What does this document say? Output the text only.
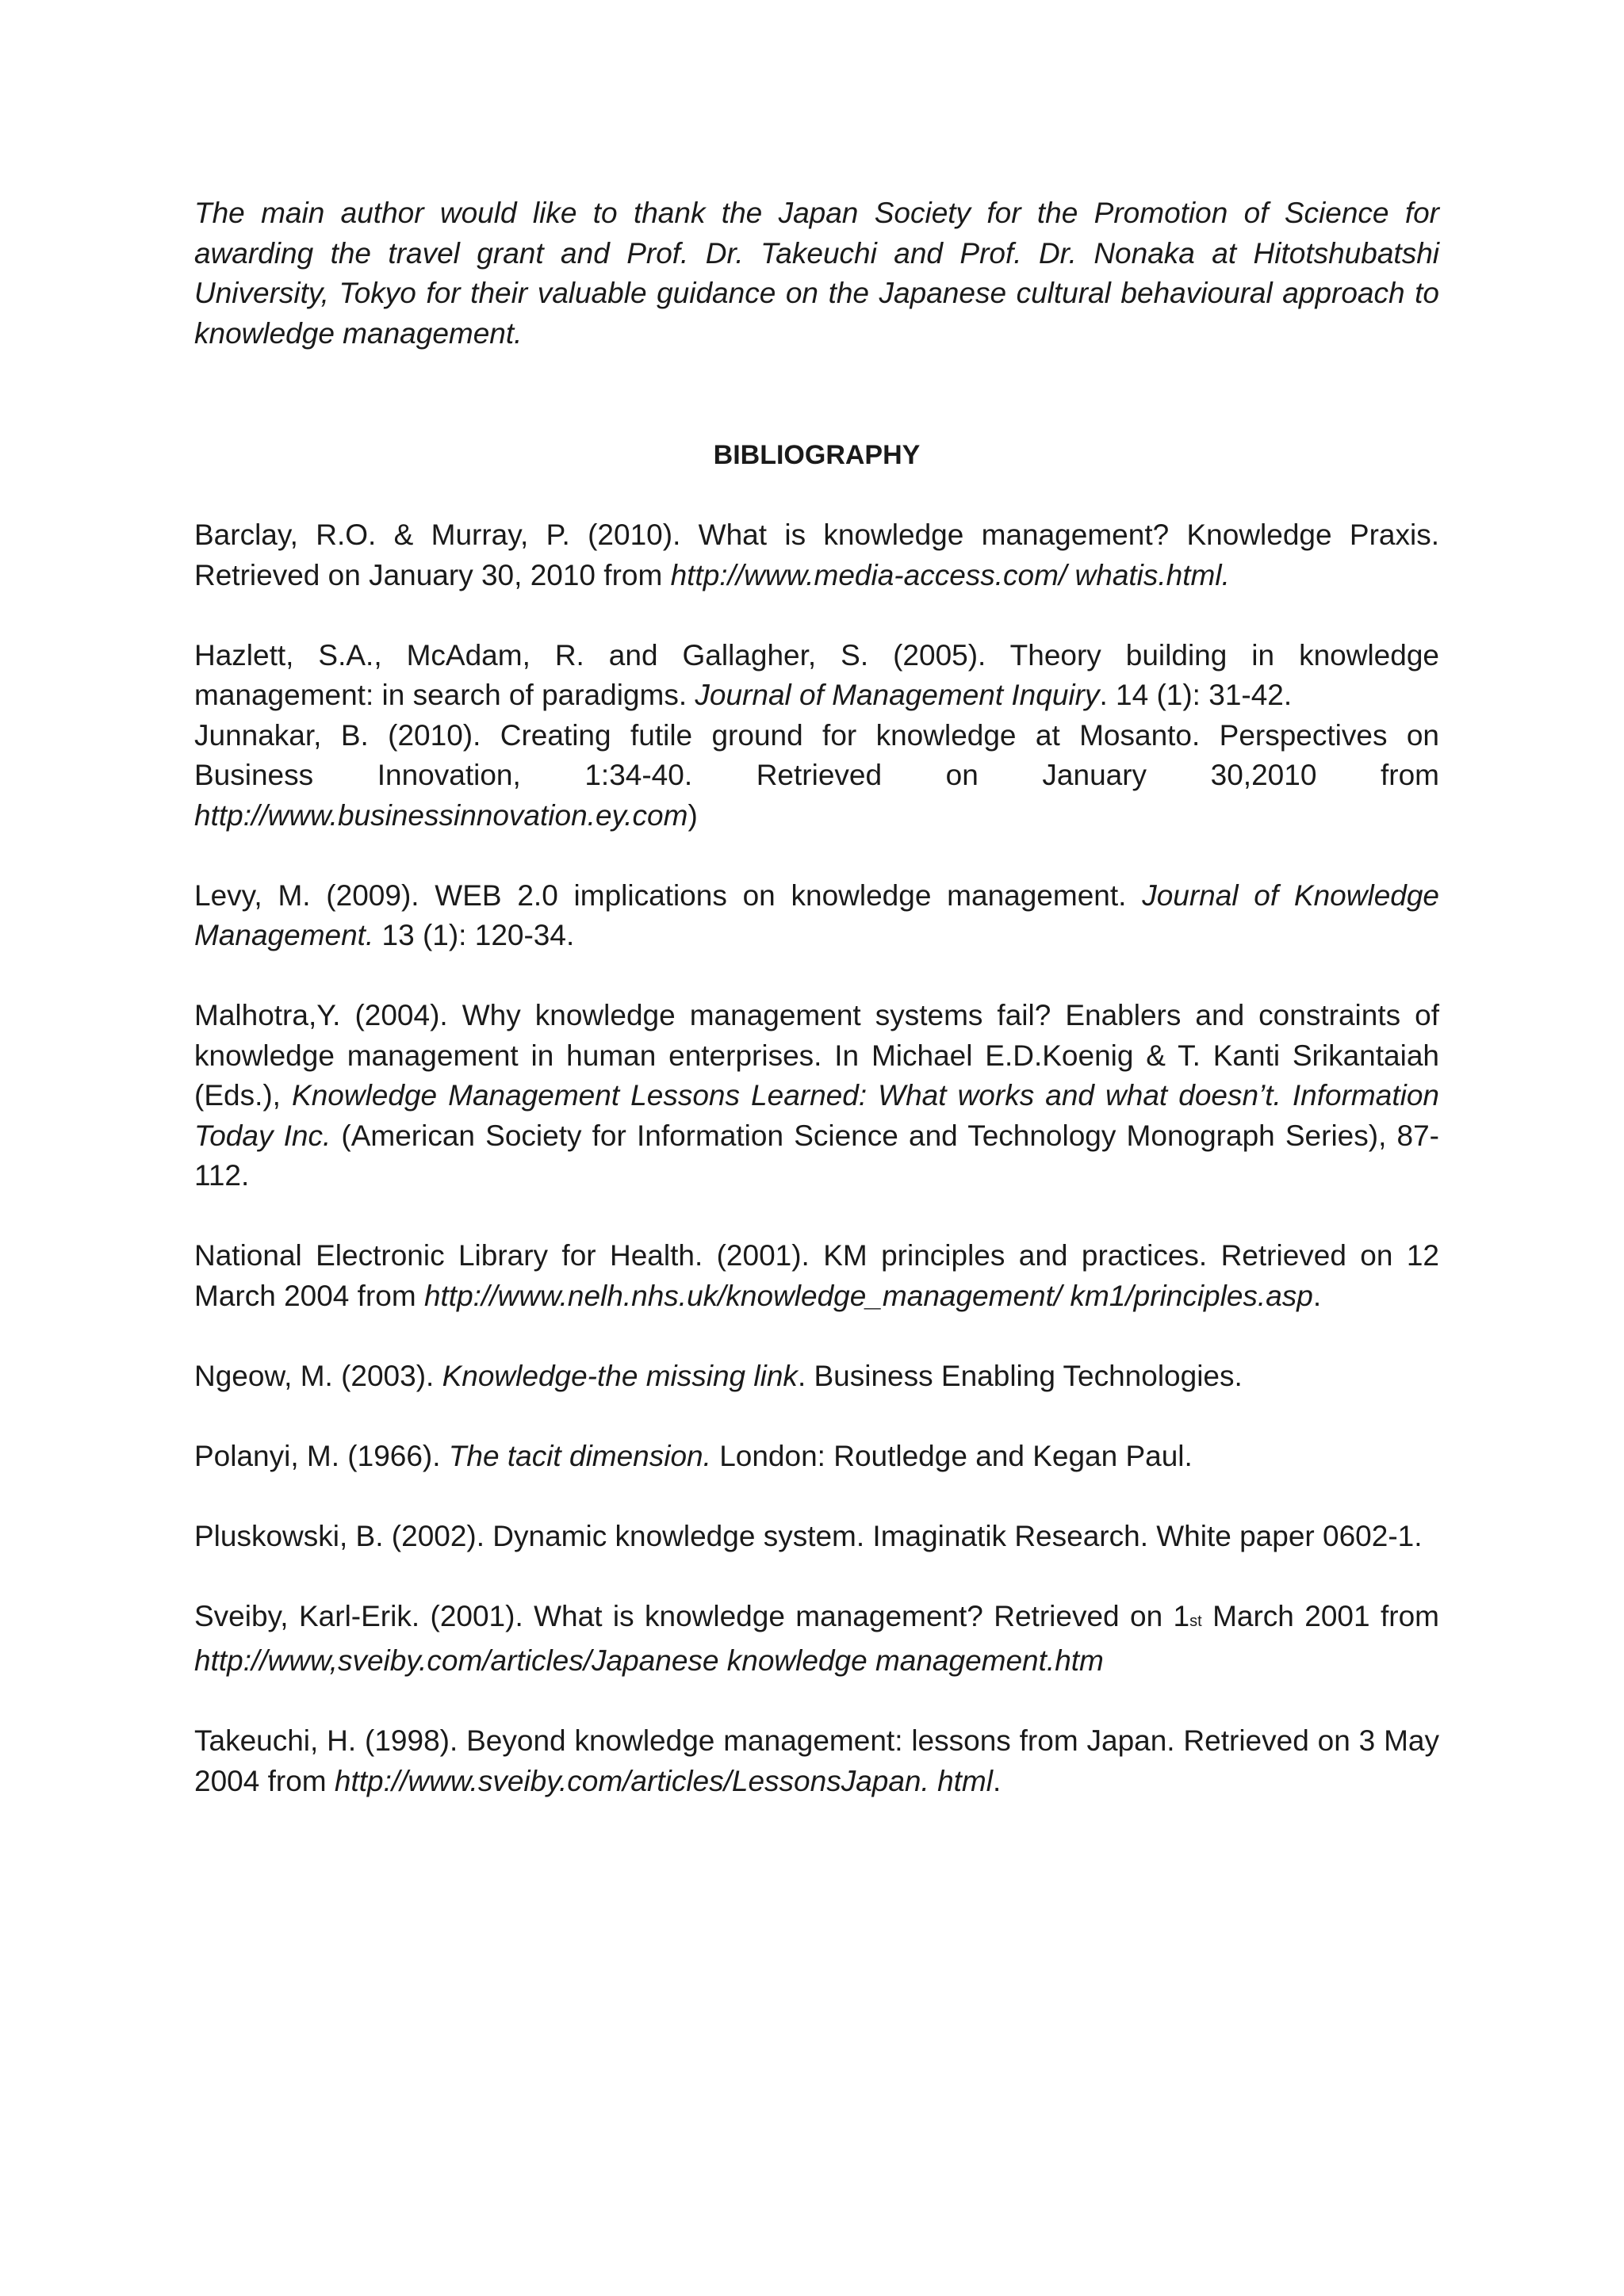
The main author would like to thank the Japan Society for the Promotion of Science for awarding the travel grant and Prof. Dr. Takeuchi and Prof. Dr. Nonaka at Hitotshubatshi University, Tokyo for their valuable guidance on the Japanese cultural behavioural approach to knowledge management.

BIBLIOGRAPHY
Barclay, R.O. & Murray, P. (2010). What is knowledge management? Knowledge Praxis. Retrieved on January 30, 2010 from http://www.media-access.com/ whatis.html.
Hazlett, S.A., McAdam, R. and Gallagher, S. (2005). Theory building in knowledge management: in search of paradigms. Journal of Management Inquiry. 14 (1): 31-42.
Junnakar, B. (2010). Creating futile ground for knowledge at Mosanto. Perspectives on Business Innovation, 1:34-40. Retrieved on January 30,2010 from http://www.businessinnovation.ey.com)
Levy, M. (2009). WEB 2.0 implications on knowledge management. Journal of Knowledge Management. 13 (1): 120-34.
Malhotra,Y. (2004). Why knowledge management systems fail? Enablers and constraints of knowledge management in human enterprises. In Michael E.D.Koenig & T. Kanti Srikantaiah (Eds.), Knowledge Management Lessons Learned: What works and what doesn’t. Information Today Inc. (American Society for Information Science and Technology Monograph Series), 87-112.
National Electronic Library for Health. (2001). KM principles and practices. Retrieved on 12 March 2004 from http://www.nelh.nhs.uk/knowledge_management/ km1/principles.asp.
Ngeow, M. (2003). Knowledge-the missing link. Business Enabling Technologies.
Polanyi, M. (1966). The tacit dimension. London: Routledge and Kegan Paul.
Pluskowski, B. (2002). Dynamic knowledge system. Imaginatik Research. White paper 0602-1.
Sveiby, Karl-Erik. (2001). What is knowledge management? Retrieved on 1st March 2001 from http://www,sveiby.com/articles/Japanese knowledge management.htm
Takeuchi, H. (1998). Beyond knowledge management: lessons from Japan. Retrieved on 3 May 2004 from http://www.sveiby.com/articles/LessonsJapan. html.
